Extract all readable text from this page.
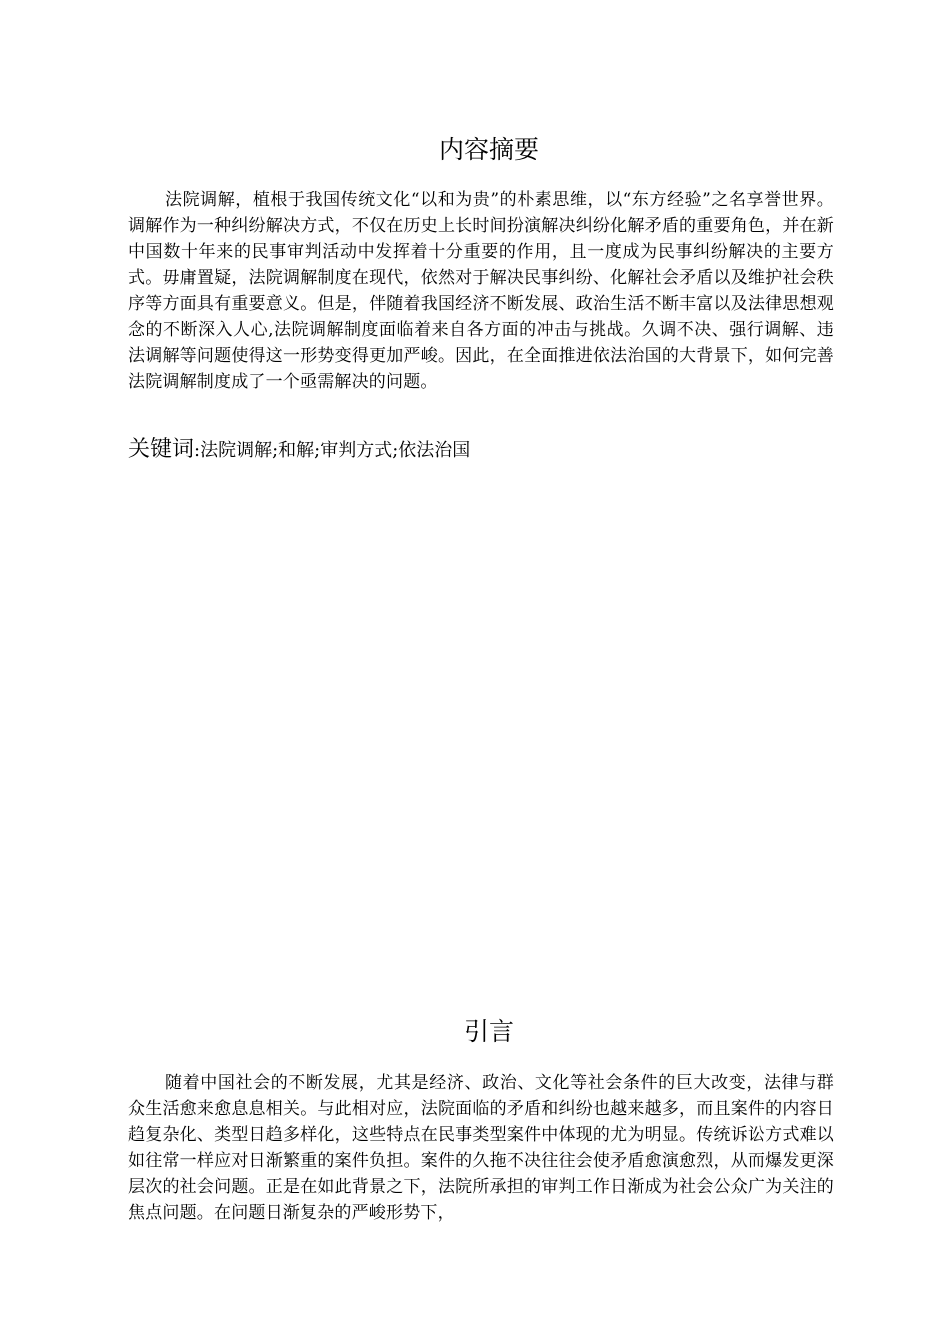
内容摘要

法院调解，植根于我国传统文化“以和为贵”的朴素思维，以“东方经验”之名享誉世界。调解作为一种纠纷解决方式，不仅在历史上长时间扮演解决纠纷化解矛盾的重要角色，并在新中国数十年来的民事审判活动中发挥着十分重要的作用，且一度成为民事纠纷解决的主要方式。毋庸置疑，法院调解制度在现代，依然对于解决民事纠纷、化解社会矛盾以及维护社会秩序等方面具有重要意义。但是，伴随着我国经济不断发展、政治生活不断丰富以及法律思想观念的不断深入人心,法院调解制度面临着来自各方面的冲击与挑战。久调不决、强行调解、违法调解等问题使得这一形势变得更加严峻。因此，在全面推进依法治国的大背景下，如何完善法院调解制度成了一个亟需解决的问题。

关键词:法院调解;和解;审判方式;依法治国

引言

随着中国社会的不断发展，尤其是经济、政治、文化等社会条件的巨大改变，法律与群众生活愈来愈息息相关。与此相对应，法院面临的矛盾和纠纷也越来越多，而且案件的内容日趋复杂化、类型日趋多样化，这些特点在民事类型案件中体现的尤为明显。传统诉讼方式难以如往常一样应对日渐繁重的案件负担。案件的久拖不决往往会使矛盾愈演愈烈，从而爆发更深层次的社会问题。正是在如此背景之下，法院所承担的审判工作日渐成为社会公众广为关注的焦点问题。在问题日渐复杂的严峻形势下，
